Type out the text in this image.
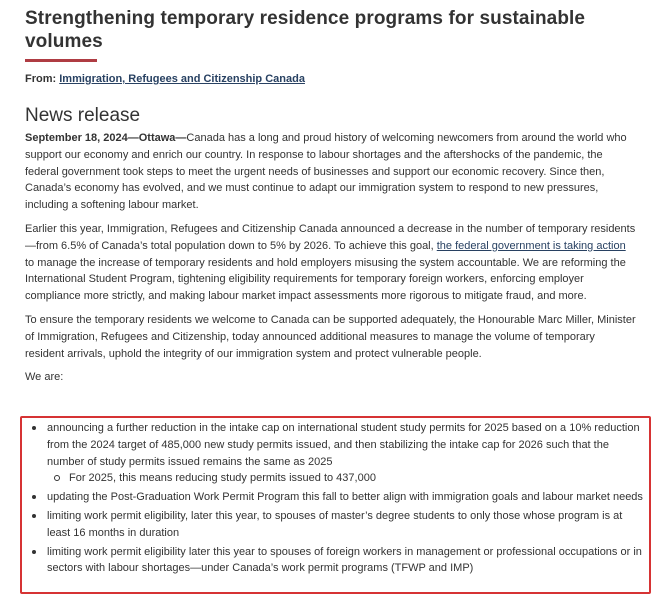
Strengthening temporary residence programs for sustainable volumes
From: Immigration, Refugees and Citizenship Canada
News release

September 18, 2024—Ottawa—Canada has a long and proud history of welcoming newcomers from around the world who support our economy and enrich our country. In response to labour shortages and the aftershocks of the pandemic, the federal government took steps to meet the urgent needs of businesses and support our economic recovery. Since then, Canada’s economy has evolved, and we must continue to adapt our immigration system to respond to new pressures, including a softening labour market.

Earlier this year, Immigration, Refugees and Citizenship Canada announced a decrease in the number of temporary residents—from 6.5% of Canada’s total population down to 5% by 2026. To achieve this goal, the federal government is taking action to manage the increase of temporary residents and hold employers misusing the system accountable. We are reforming the International Student Program, tightening eligibility requirements for temporary foreign workers, enforcing employer compliance more strictly, and making labour market impact assessments more rigorous to mitigate fraud, and more.

To ensure the temporary residents we welcome to Canada can be supported adequately, the Honourable Marc Miller, Minister of Immigration, Refugees and Citizenship, today announced additional measures to manage the volume of temporary resident arrivals, uphold the integrity of our immigration system and protect vulnerable people.

We are:

announcing a further reduction in the intake cap on international student study permits for 2025 based on a 10% reduction from the 2024 target of 485,000 new study permits issued, and then stabilizing the intake cap for 2026 such that the number of study permits issued remains the same as 2025
For 2025, this means reducing study permits issued to 437,000
updating the Post-Graduation Work Permit Program this fall to better align with immigration goals and labour market needs
limiting work permit eligibility, later this year, to spouses of master’s degree students to only those whose program is at least 16 months in duration
limiting work permit eligibility later this year to spouses of foreign workers in management or professional occupations or in sectors with labour shortages—under Canada’s work permit programs (TFWP and IMP)
